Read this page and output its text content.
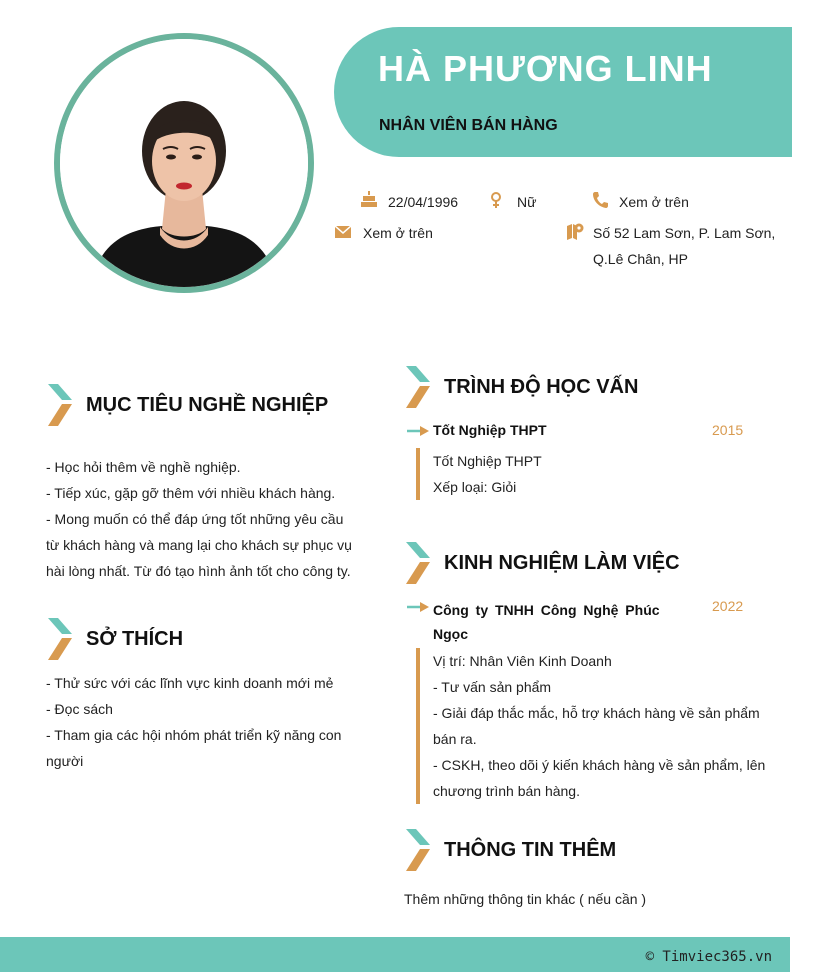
HÀ PHƯƠNG LINH
NHÂN VIÊN BÁN HÀNG
22/04/1996	Nữ	Xem ở trên
Xem ở trên	Số 52 Lam Sơn, P. Lam Sơn,
Q.Lê Chân, HP
MỤC TIÊU NGHỀ NGHIỆP
- Học hỏi thêm về nghề nghiệp.
- Tiếp xúc, gặp gỡ thêm với nhiều khách hàng.
- Mong muốn có thể đáp ứng tốt những yêu cầu
từ khách hàng và mang lại cho khách sự phục vụ
hài lòng nhất. Từ đó tạo hình ảnh tốt cho công ty.
SỞ THÍCH
- Thử sức với các lĩnh vực kinh doanh mới mẻ
- Đọc sách
- Tham gia các hội nhóm phát triển kỹ năng con
người
TRÌNH ĐỘ HỌC VẤN
Tốt Nghiệp THPT	2015
Tốt Nghiệp THPT
Xếp loại: Giỏi
KINH NGHIỆM LÀM VIỆC
Công ty TNHH Công Nghệ Phúc
Ngọc
2022
Vị trí: Nhân Viên Kinh Doanh
- Tư vấn sản phẩm
- Giải đáp thắc mắc, hỗ trợ khách hàng về sản phẩm
bán ra.
- CSKH, theo dõi ý kiến khách hàng về sản phẩm, lên
chương trình bán hàng.
THÔNG TIN THÊM
Thêm những thông tin khác ( nếu cần )
© Timviec365.vn
